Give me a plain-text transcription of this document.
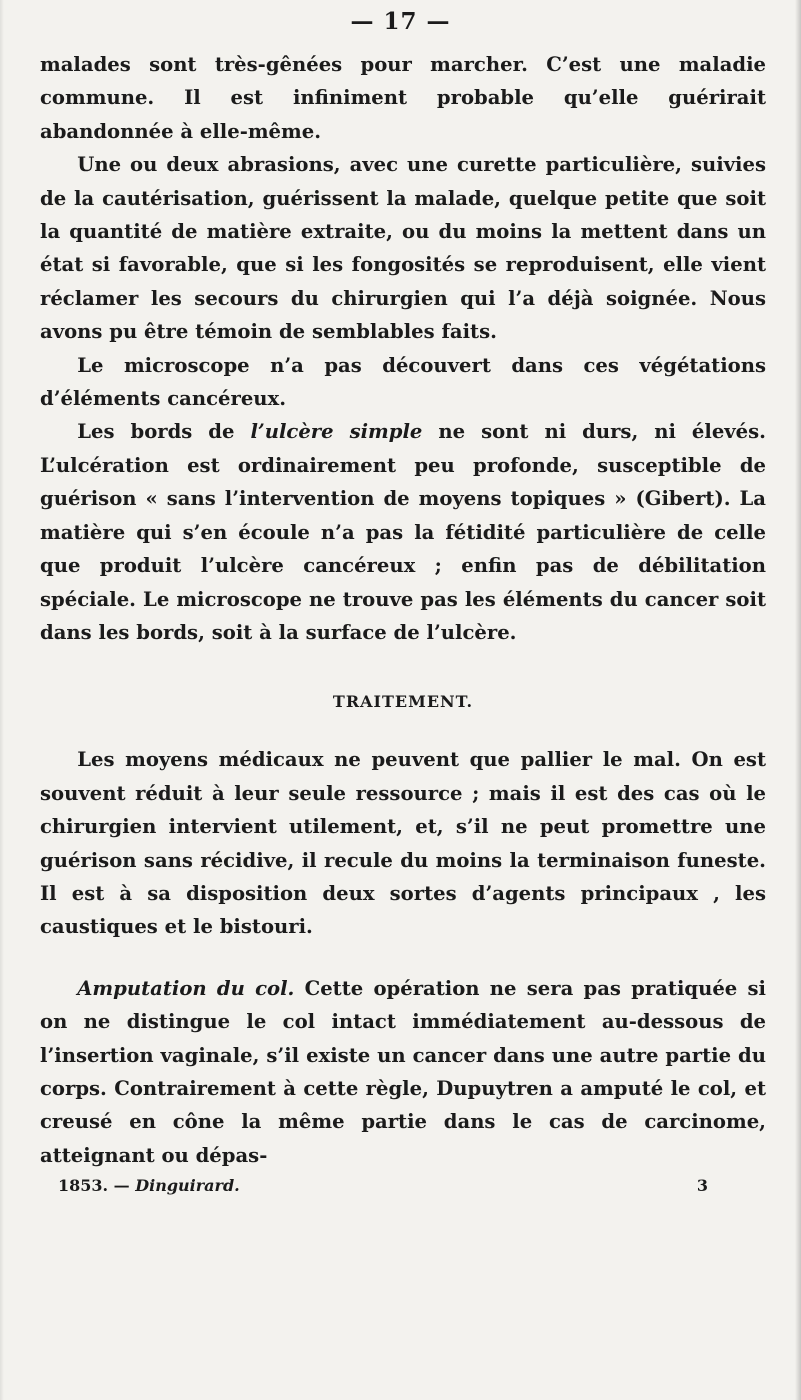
— 17 —

malades sont très-gênées pour marcher. C’est une maladie commune. Il est infiniment probable qu’elle guérirait abandonnée à elle-même.

Une ou deux abrasions, avec une curette particulière, suivies de la cautérisation, guérissent la malade, quelque petite que soit la quantité de matière extraite, ou du moins la mettent dans un état si favorable, que si les fongosités se reproduisent, elle vient réclamer les secours du chirurgien qui l’a déjà soignée. Nous avons pu être témoin de semblables faits.

Le microscope n’a pas découvert dans ces végétations d’éléments cancéreux.

Les bords de l’ulcère simple ne sont ni durs, ni élevés. L’ulcération est ordinairement peu profonde, susceptible de guérison « sans l’intervention de moyens topiques » (Gibert). La matière qui s’en écoule n’a pas la fétidité particulière de celle que produit l’ulcère cancéreux ; enfin pas de débilitation spéciale. Le microscope ne trouve pas les éléments du cancer soit dans les bords, soit à la surface de l’ulcère.

TRAITEMENT.

Les moyens médicaux ne peuvent que pallier le mal. On est souvent réduit à leur seule ressource ; mais il est des cas où le chirurgien intervient utilement, et, s’il ne peut promettre une guérison sans récidive, il recule du moins la terminaison funeste. Il est à sa disposition deux sortes d’agents principaux , les caustiques et le bistouri.

Amputation du col. Cette opération ne sera pas pratiquée si on ne distingue le col intact immédiatement au-dessous de l’insertion vaginale, s’il existe un cancer dans une autre partie du corps. Contrairement à cette règle, Dupuytren a amputé le col, et creusé en cône la même partie dans le cas de carcinome, atteignant ou dépas-

1853. — Dinguirard.	3
